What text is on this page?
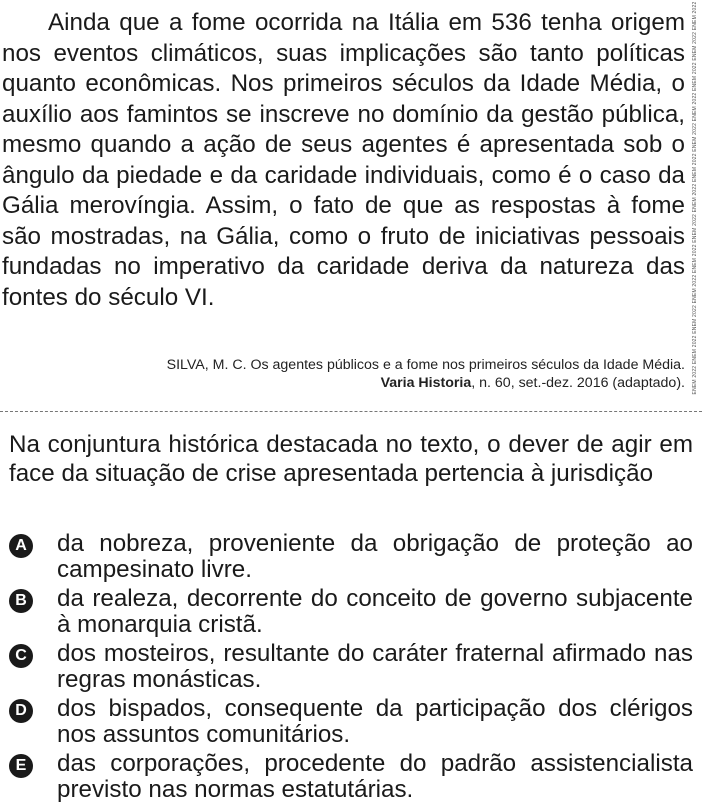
Ainda que a fome ocorrida na Itália em 536 tenha origem nos eventos climáticos, suas implicações são tanto políticas quanto econômicas. Nos primeiros séculos da Idade Média, o auxílio aos famintos se inscreve no domínio da gestão pública, mesmo quando a ação de seus agentes é apresentada sob o ângulo da piedade e da caridade individuais, como é o caso da Gália merovíngia. Assim, o fato de que as respostas à fome são mostradas, na Gália, como o fruto de iniciativas pessoais fundadas no imperativo da caridade deriva da natureza das fontes do século VI.	ENEM 2022 ENEM 2022 ENEM 2022 ENEM 2022 ENEM 2022 ENEM 2022 ENEM 2022 ENEM 2022 ENEM 2022 ENEM 2022 ENEM 2022 ENEM 2022 ENEM 2022
SILVA, M. C. Os agentes públicos e a fome nos primeiros séculos da Idade Média.
Varia Historia, n. 60, set.-dez. 2016 (adaptado).

Na conjuntura histórica destacada no texto, o dever de agir em face da situação de crise apresentada pertencia à jurisdição

A da nobreza, proveniente da obrigação de proteção ao campesinato livre.
B da realeza, decorrente do conceito de governo subjacente à monarquia cristã.
C dos mosteiros, resultante do caráter fraternal afirmado nas regras monásticas.
D dos bispados, consequente da participação dos clérigos nos assuntos comunitários.
E das corporações, procedente do padrão assistencialista previsto nas normas estatutárias.
